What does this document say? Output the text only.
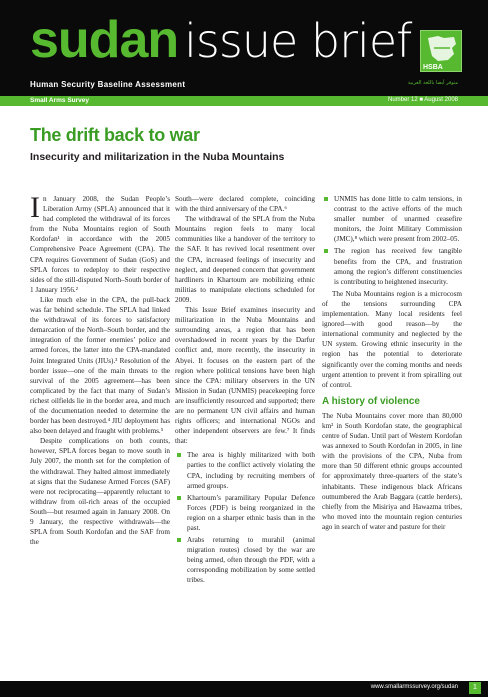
sudan issue brief
Human Security Baseline Assessment
HSBA
متوفر أيضا باللغة العربية
Small Arms Survey	Number 12 ■ August 2008
The drift back to war
Insecurity and militarization in the Nuba Mountains

In January 2008, the Sudan People’s Liberation Army (SPLA) announced that it had completed the withdrawal of its forces from the Nuba Mountains region of South Kordofan¹ in accordance with the 2005 Comprehensive Peace Agreement (CPA). The CPA requires Government of Sudan (GoS) and SPLA forces to redeploy to their respective sides of the still-disputed North–South border of 1 January 1956.²

Like much else in the CPA, the pull-back was far behind schedule. The SPLA had linked the withdrawal of its forces to satisfactory demarcation of the North–South border, and the integration of the former enemies’ police and armed forces, the latter into the CPA-mandated Joint Integrated Units (JIUs).³ Resolution of the border issue—one of the main threats to the survival of the 2005 agreement—has been complicated by the fact that many of Sudan’s richest oilfields lie in the border area, and much of the documentation needed to determine the border has been destroyed.⁴ JIU deployment has also been delayed and fraught with problems.⁵

Despite complications on both counts, however, SPLA forces began to move south in July 2007, the month set for the completion of the withdrawal. They halted almost immediately at signs that the Sudanese Armed Forces (SAF) were not reciprocating—apparently reluctant to withdraw from oil-rich areas of the occupied South—but resumed again in January 2008. On 9 January, the respective withdrawals—the SPLA from South Kordofan and the SAF from the

South—were declared complete, coinciding with the third anniversary of the CPA.⁶

The withdrawal of the SPLA from the Nuba Mountains region feels to many local communities like a handover of the territory to the SAF. It has revived local resentment over the CPA, increased feelings of insecurity and neglect, and deepened concern that government hardliners in Khartoum are mobilizing ethnic militias to manipulate elections scheduled for 2009.

This Issue Brief examines insecurity and militarization in the Nuba Mountains and surrounding areas, a region that has been overshadowed in recent years by the Darfur conflict and, more recently, the insecurity in Abyei. It focuses on the eastern part of the region where political tensions have been high since the CPA: military observers in the UN Mission in Sudan (UNMIS) peacekeeping force are insufficiently resourced and supported; there are no permanent UN civil affairs and human rights officers; and international NGOs and other independent observers are few.⁷ It finds that:

The area is highly militarized with both parties to the conflict actively violating the CPA, including by recruiting members of armed groups.
Khartoum’s paramilitary Popular Defence Forces (PDF) is being reorganized in the region on a sharper ethnic basis than in the past.
Arabs returning to murahil (animal migration routes) closed by the war are being armed, often through the PDF, with a corresponding mobilization by some settled tribes.
UNMIS has done little to calm tensions, in contrast to the active efforts of the much smaller number of unarmed ceasefire monitors, the Joint Military Commission (JMC),⁸ which were present from 2002–05.
The region has received few tangible benefits from the CPA, and frustration among the region’s different constituencies is contributing to heightened insecurity.

The Nuba Mountains region is a microcosm of the tensions surrounding CPA implementation. Many local residents feel ignored—with good reason—by the international community and neglected by the UN system. Growing ethnic insecurity in the region has the potential to deteriorate significantly over the coming months and needs urgent attention to prevent it from spiralling out of control.

A history of violence

The Nuba Mountains cover more than 80,000 km² in South Kordofan state, the geographical centre of Sudan. Until part of Western Kordofan was annexed to South Kordofan in 2005, in line with the provisions of the CPA, Nuba from more than 50 different ethnic groups accounted for approximately three-quarters of the state’s inhabitants. These indigenous black Africans outnumbered the Arab Baggara (cattle herders), chiefly from the Misiriya and Hawazma tribes, who moved into the mountain region centuries ago in search of water and pasture for their

www.smallarmssurvey.org/sudan	1
